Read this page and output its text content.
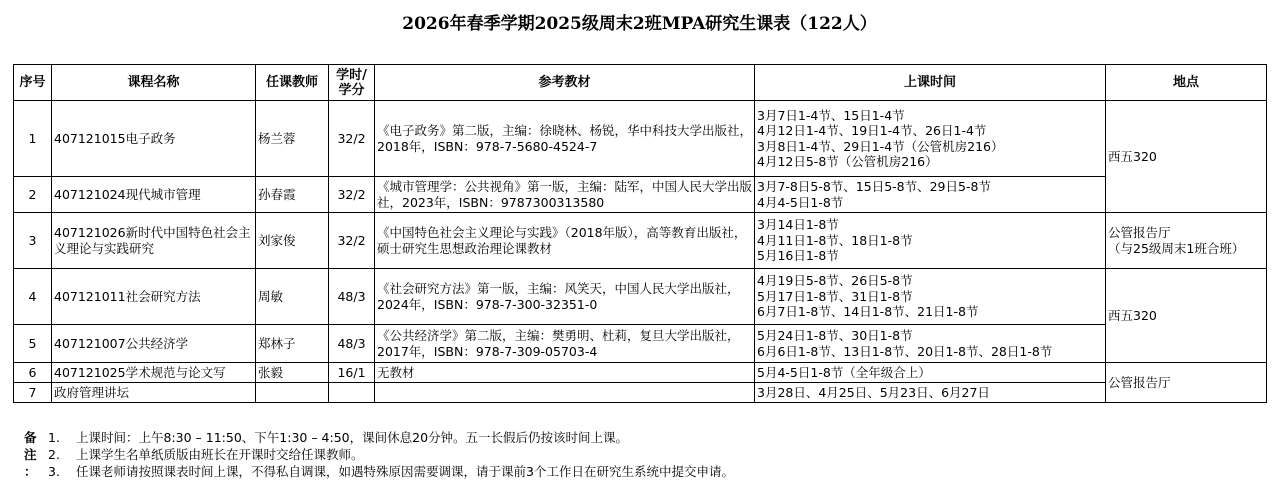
2026年春季学期2025级周末2班MPA研究生课表（122人）
序号	课程名称	任课教师	学时/学分	参考教材	上课时间	地点
1	407121015电子政务	杨兰蓉	32/2	《电子政务》第二版，主编：徐晓林、杨锐，华中科技大学出版社，2018年，ISBN：978-7-5680-4524-7	3月7日1-4节、15日1-4节
4月12日1-4节、19日1-4节、26日1-4节
3月8日1-4节、29日1-4节（公管机房216）
4月12日5-8节（公管机房216）	西五320
2	407121024现代城市管理	孙春霞	32/2	《城市管理学：公共视角》第一版，主编：陆军，中国人民大学出版社，2023年，ISBN：9787300313580	3月7-8日5-8节、15日5-8节、29日5-8节
4月4-5日1-8节	

3	407121026新时代中国特色社会主义理论与实践研究	刘家俊	32/2	《中国特色社会主义理论与实践》（2018年版），高等教育出版社，硕士研究生思想政治理论课教材	3月14日1-8节
4月11日1-8节、18日1-8节
5月16日1-8节	公管报告厅
（与25级周末1班合班）

4	407121011社会研究方法	周敏	48/3	《社会研究方法》第一版，主编：风笑天，中国人民大学出版社，2024年，ISBN：978-7-300-32351-0	4月19日5-8节、26日5-8节
5月17日1-8节、31日1-8节
6月7日1-8节、14日1-8节、21日1-8节	西五320
5	407121007公共经济学	郑林子	48/3	《公共经济学》第二版，主编：樊勇明、杜莉，复旦大学出版社，2017年，ISBN：978-7-309-05703-4	5月24日1-8节、30日1-8节
6月6日1-8节、13日1-8节、20日1-8节、28日1-8节	

6	407121025学术规范与论文写	张毅	16/1	无教材	5月4-5日1-8节（全年级合上）	公管报告厅
7	政府管理讲坛				3月28日、4月25日、5月23日、6月27日	
备 1.	上课时间：上午8:30 – 11:50、下午1:30 – 4:50，课间休息20分钟。五一长假后仍按该时间上课。
注 2.	上课学生名单纸质版由班长在开课时交给任课教师。
： 3.	任课老师请按照课表时间上课，不得私自调课，如遇特殊原因需要调课，请于课前3个工作日在研究生系统中提交申请。
